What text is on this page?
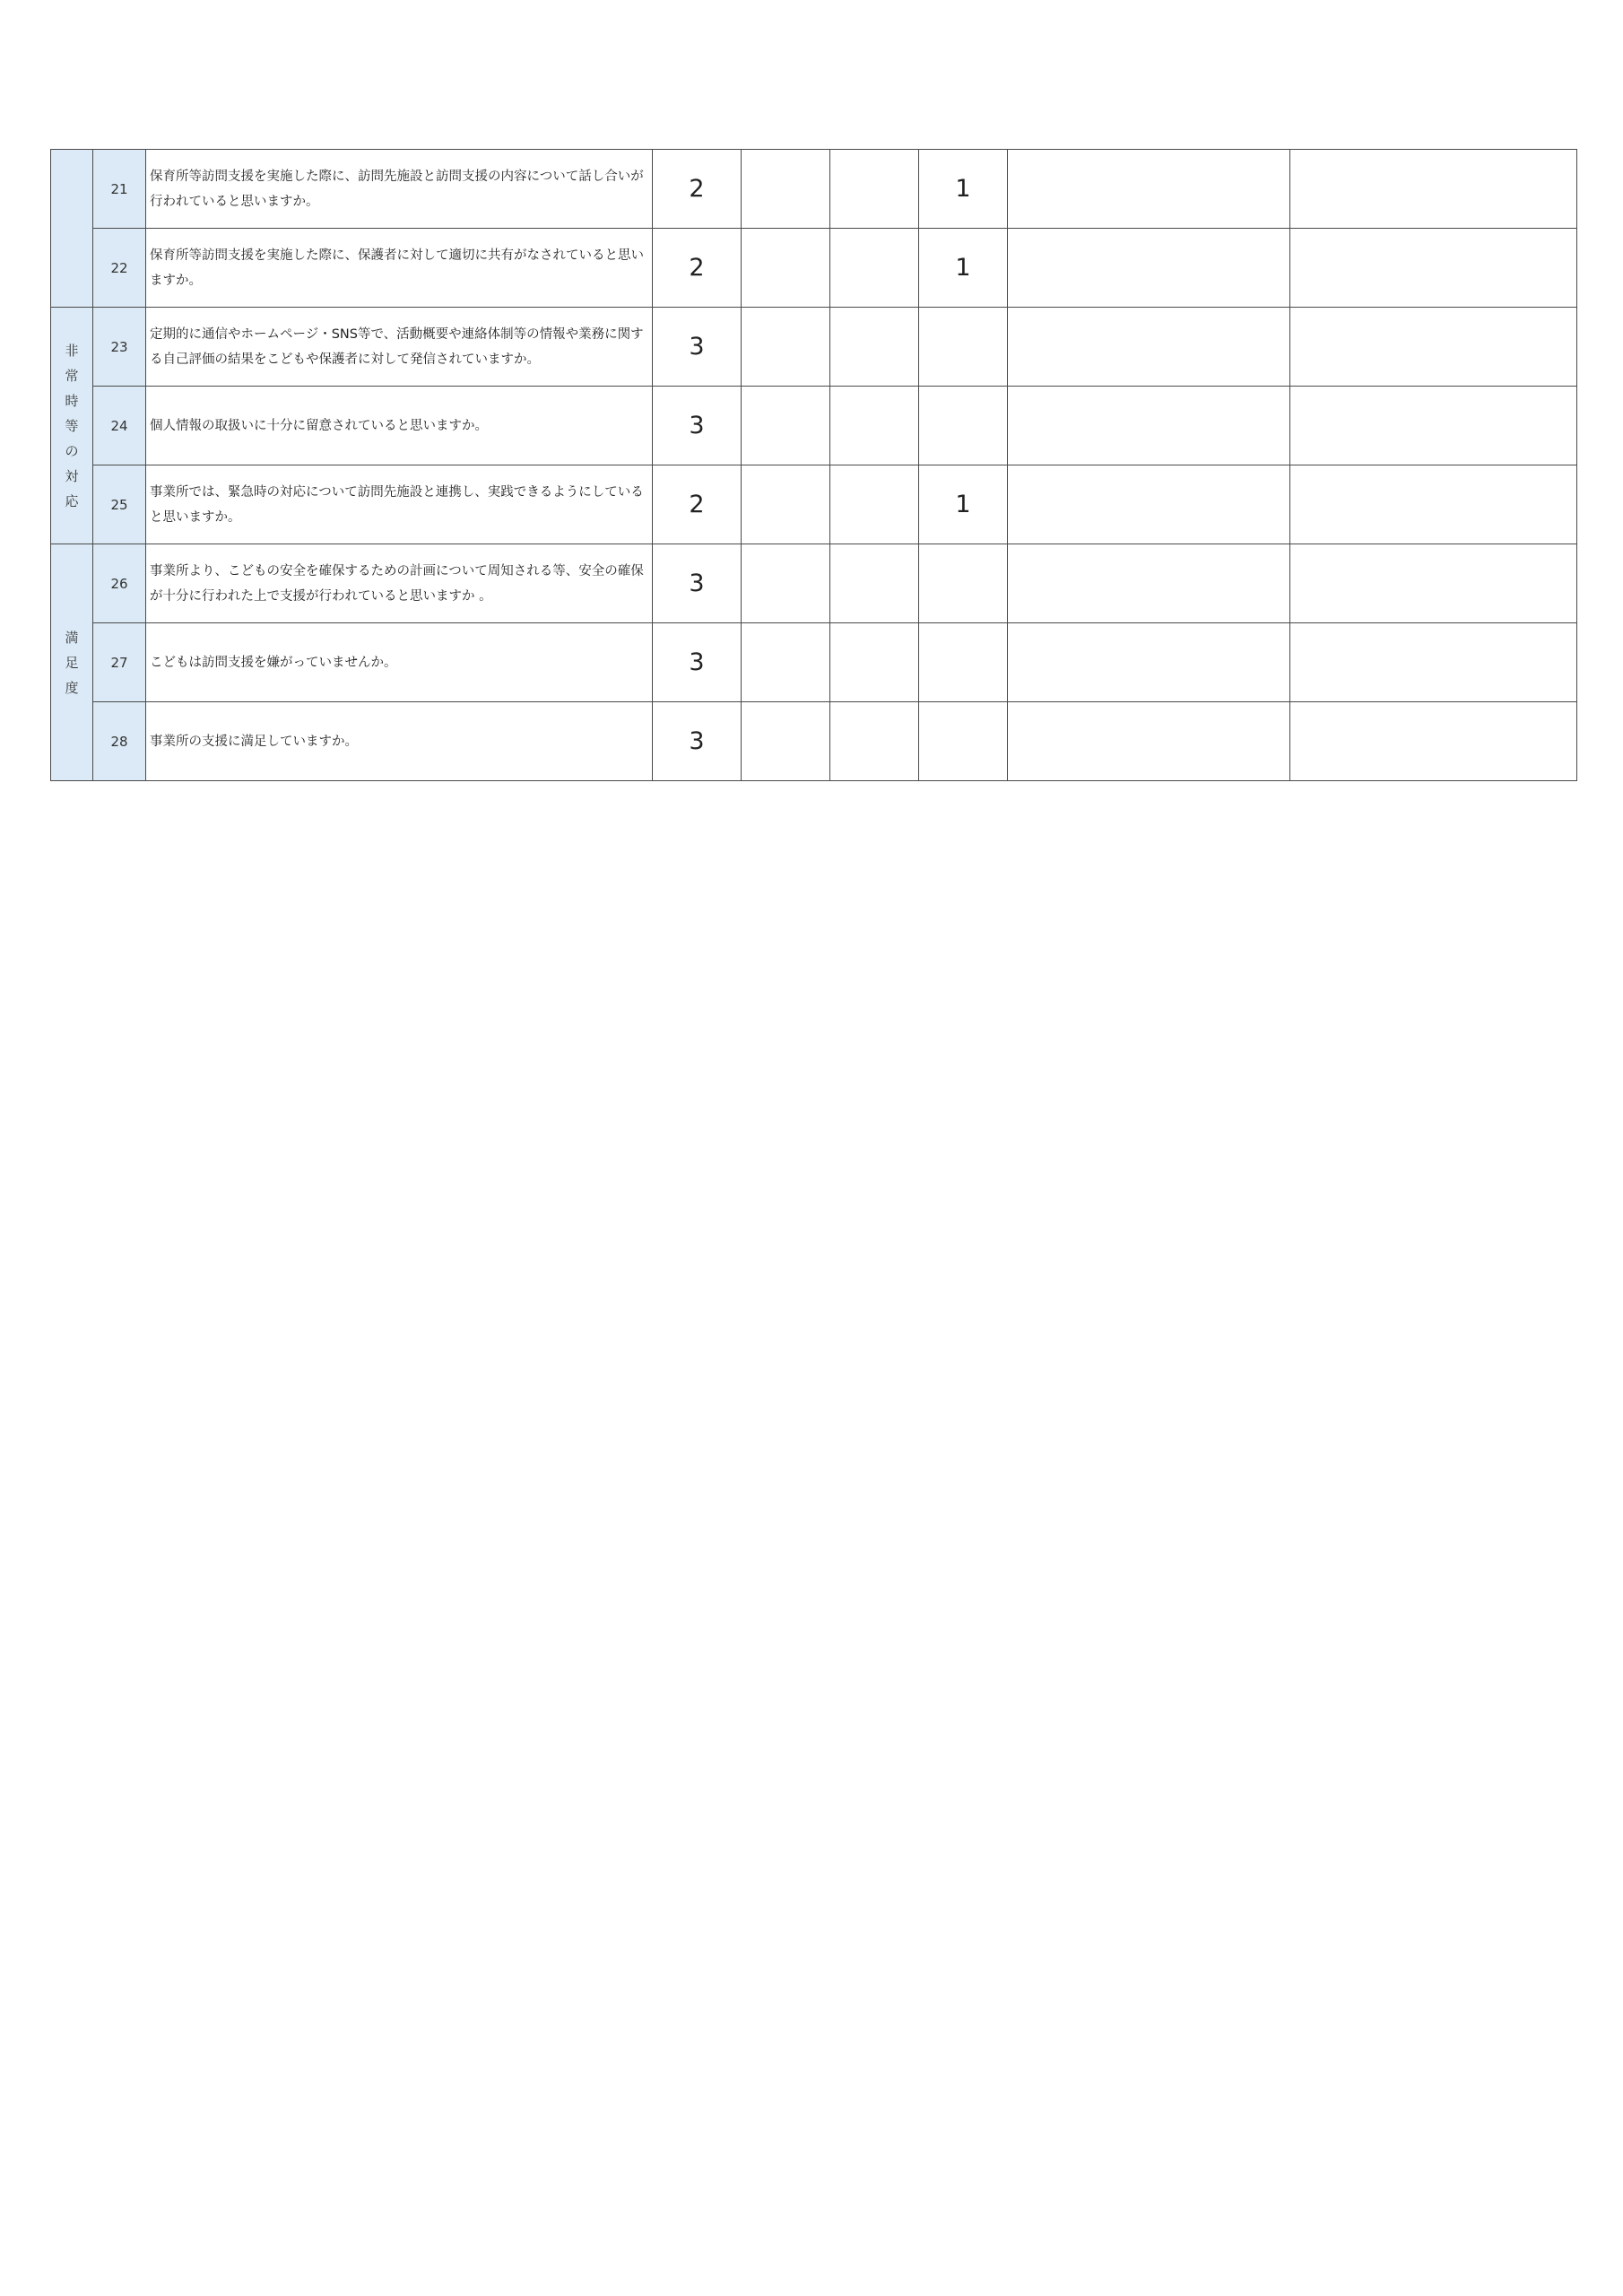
	21	保育所等訪問支援を実施した際に、訪問先施設と訪問支援の内容について話し合いが行われていると思いますか。	2			1		
	22	保育所等訪問支援を実施した際に、保護者に対して適切に共有がなされていると思いますか。	2			1		
非常時等の対応	23	定期的に通信やホームページ・SNS等で、活動概要や連絡体制等の情報や業務に関する自己評価の結果をこどもや保護者に対して発信されていますか。	3					
	24	個人情報の取扱いに十分に留意されていると思いますか。	3					
	25	事業所では、緊急時の対応について訪問先施設と連携し、実践できるようにしていると思いますか。	2			1		
満足度	26	事業所より、こどもの安全を確保するための計画について周知される等、安全の確保が十分に行われた上で支援が行われていると思いますか 。	3					
	27	こどもは訪問支援を嫌がっていませんか。	3					
	28	事業所の支援に満足していますか。	3					
